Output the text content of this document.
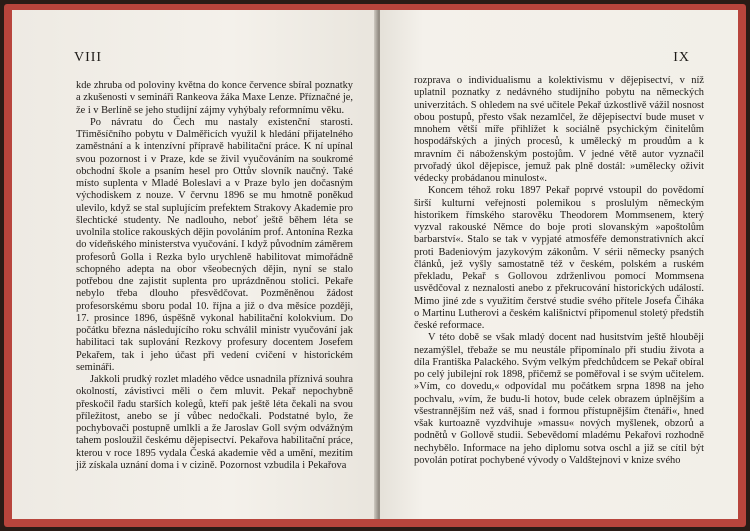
VIII

kde zhruba od poloviny května do konce července sbíral poznatky a zkušenosti v semináři Rankeova žáka Maxe Lenze. Příznačné je, že i v Berlíně se jeho studijní zájmy vyhýbaly reformnímu věku.

Po návratu do Čech mu nastaly existenční starosti. Třiměsíčního pobytu v Dalměřicích využil k hledání přijatelného zaměstnání a k intenzívní přípravě habilitační práce. K ní upínal svou pozornost i v Praze, kde se živil vyučováním na soukromé obchodní škole a psaním hesel pro Ottův slovník naučný. Také místo suplenta v Mladé Boleslavi a v Praze bylo jen dočasným východiskem z nouze. V červnu 1896 se mu hmotně poněkud ulevilo, když se stal suplujícím prefektem Strakovy Akademie pro šlechtické studenty. Ne nadlouho, neboť ještě během léta se uvolnila stolice rakouských dějin povoláním prof. Antonína Rezka do vídeňského ministerstva vyučování. I když původním záměrem profesorů Golla i Rezka bylo urychleně habilitovat mimořádně schopného adepta na obor všeobecných dějin, nyní se stalo potřebou dne zajistit suplenta pro uprázdněnou stolici. Pekaře nebylo třeba dlouho přesvědčovat. Pozměněnou žádost profesorskému sboru podal 10. října a již o dva měsíce později, 17. prosince 1896, úspěšně vykonal habilitační kolokvium. Do počátku března následujícího roku schválil ministr vyučování jak habilitaci tak suplování Rezkovy profesury docentem Josefem Pekařem, tak i jeho účast při vedení cvičení v historickém semináři.

Jakkoli prudký rozlet mladého vědce usnadnila příznivá souhra okolností, závistivci měli o čem mluvit. Pekař nepochybně přeskočil řadu starších kolegů, kteří pak ještě léta čekali na svou příležitost, anebo se jí vůbec nedočkali. Podstatné bylo, že pochybovači postupně umlkli a že Jaroslav Goll svým odvážným tahem posloužil českému dějepisectví. Pekařova habilitační práce, kterou v roce 1895 vydala Česká akademie věd a umění, mezitím již získala uznání doma i v cizině. Pozornost vzbudila i Pekařova

IX

rozprava o individualismu a kolektivismu v dějepisectví, v níž uplatnil poznatky z nedávného studijního pobytu na německých univerzitách. S ohledem na své učitele Pekař úzkostlivě vážil nosnost obou postupů, přesto však nezamlčel, že dějepisectví bude muset v mnohem větší míře přihlížet k sociálně psychickým činitelům hospodářských a jiných procesů, k umělecký m proudům a k mravním či náboženským postojům. V jedné větě autor vyznačil prvořadý úkol dějepisce, jemuž pak plně dostál: »umělecky oživit védecky probádanou minulost«.

Koncem téhož roku 1897 Pekař poprvé vstoupil do povědomí širší kulturní veřejnosti polemikou s proslulým německým historikem římského starověku Theodorem Mommsenem, který vyzval rakouské Němce do boje proti slovanským »apoštolům barbarství«. Stalo se tak v vypjaté atmosféře demonstrativních akcí proti Badeniovým jazykovým zákonům. V sérii německy psaných článků, jež vyšly samostatně též v českém, polském a ruském překladu, Pekař s Gollovou zdrženlivou pomocí Mommsena usvědčoval z neznalosti anebo z překrucování historických událostí. Mimo jiné zde s využitím čerstvé studie svého přítele Josefa Čiháka o Martinu Lutherovi a českém kališnictví připomenul stoletý předstih české reformace.

V této době se však mladý docent nad husitstvím ještě hlouběji nezamýšlel, třebaže se mu neustále připomínalo při studiu života a díla Františka Palackého. Svým velkým předchůdcem se Pekař obíral po celý jubilejní rok 1898, přičemž se poměřoval i se svým učitelem. »Vím, co dovedu,« odpovídal mu počátkem srpna 1898 na jeho pochvalu, »vím, že budu-li hotov, bude celek obrazem úplnějším a všestrannějším než váš, snad i formou přístupnějším čtenáři«, hned však kurtoazně vyzdvihuje »massu« nových myšlenek, obzorů a podnětů v Gollově studii. Sebevědomí mladému Pekařovi rozhodně nechybělo. Informace na jeho diplomu sotva oschl a již se cítil být povolán potírat pochybené vývody o Valdštejnovi v knize svého
